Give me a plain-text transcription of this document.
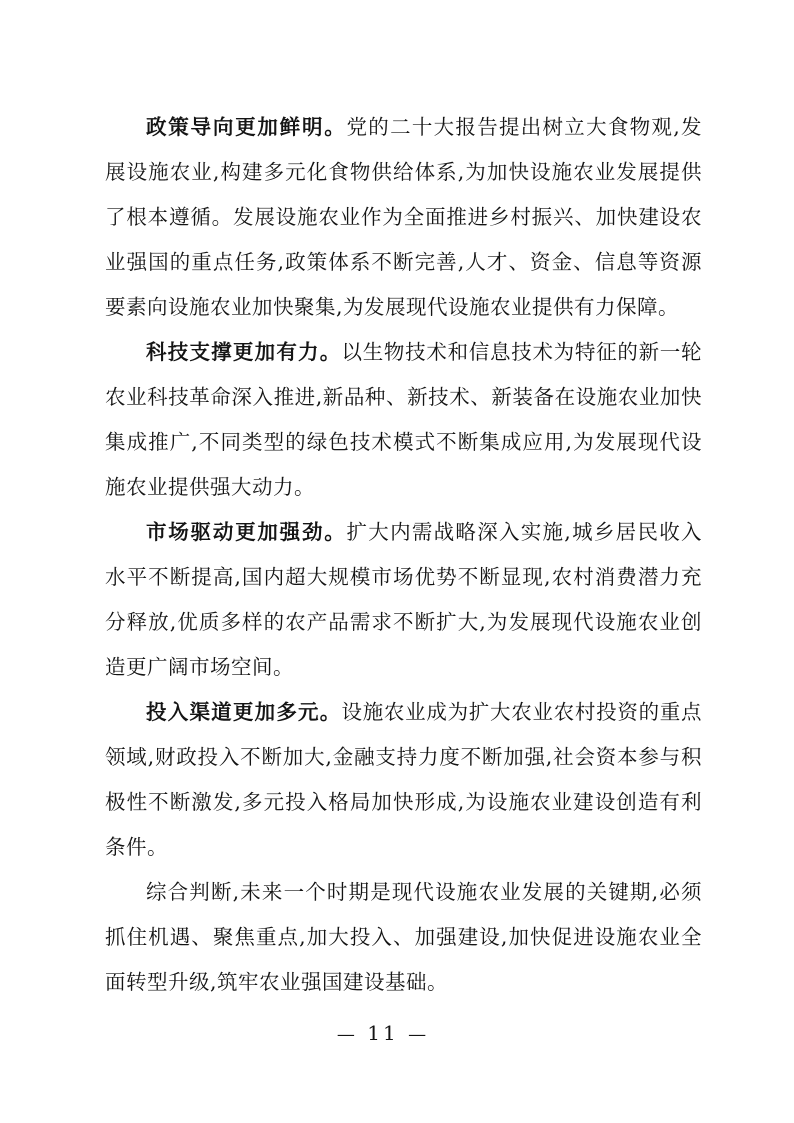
政策导向更加鲜明。党的二十大报告提出树立大食物观,发展设施农业,构建多元化食物供给体系,为加快设施农业发展提供了根本遵循。发展设施农业作为全面推进乡村振兴、加快建设农业强国的重点任务,政策体系不断完善,人才、资金、信息等资源要素向设施农业加快聚集,为发展现代设施农业提供有力保障。

科技支撑更加有力。以生物技术和信息技术为特征的新一轮农业科技革命深入推进,新品种、新技术、新装备在设施农业加快集成推广,不同类型的绿色技术模式不断集成应用,为发展现代设施农业提供强大动力。

市场驱动更加强劲。扩大内需战略深入实施,城乡居民收入水平不断提高,国内超大规模市场优势不断显现,农村消费潜力充分释放,优质多样的农产品需求不断扩大,为发展现代设施农业创造更广阔市场空间。

投入渠道更加多元。设施农业成为扩大农业农村投资的重点领域,财政投入不断加大,金融支持力度不断加强,社会资本参与积极性不断激发,多元投入格局加快形成,为设施农业建设创造有利条件。

综合判断,未来一个时期是现代设施农业发展的关键期,必须抓住机遇、聚焦重点,加大投入、加强建设,加快促进设施农业全面转型升级,筑牢农业强国建设基础。

— 11 —
